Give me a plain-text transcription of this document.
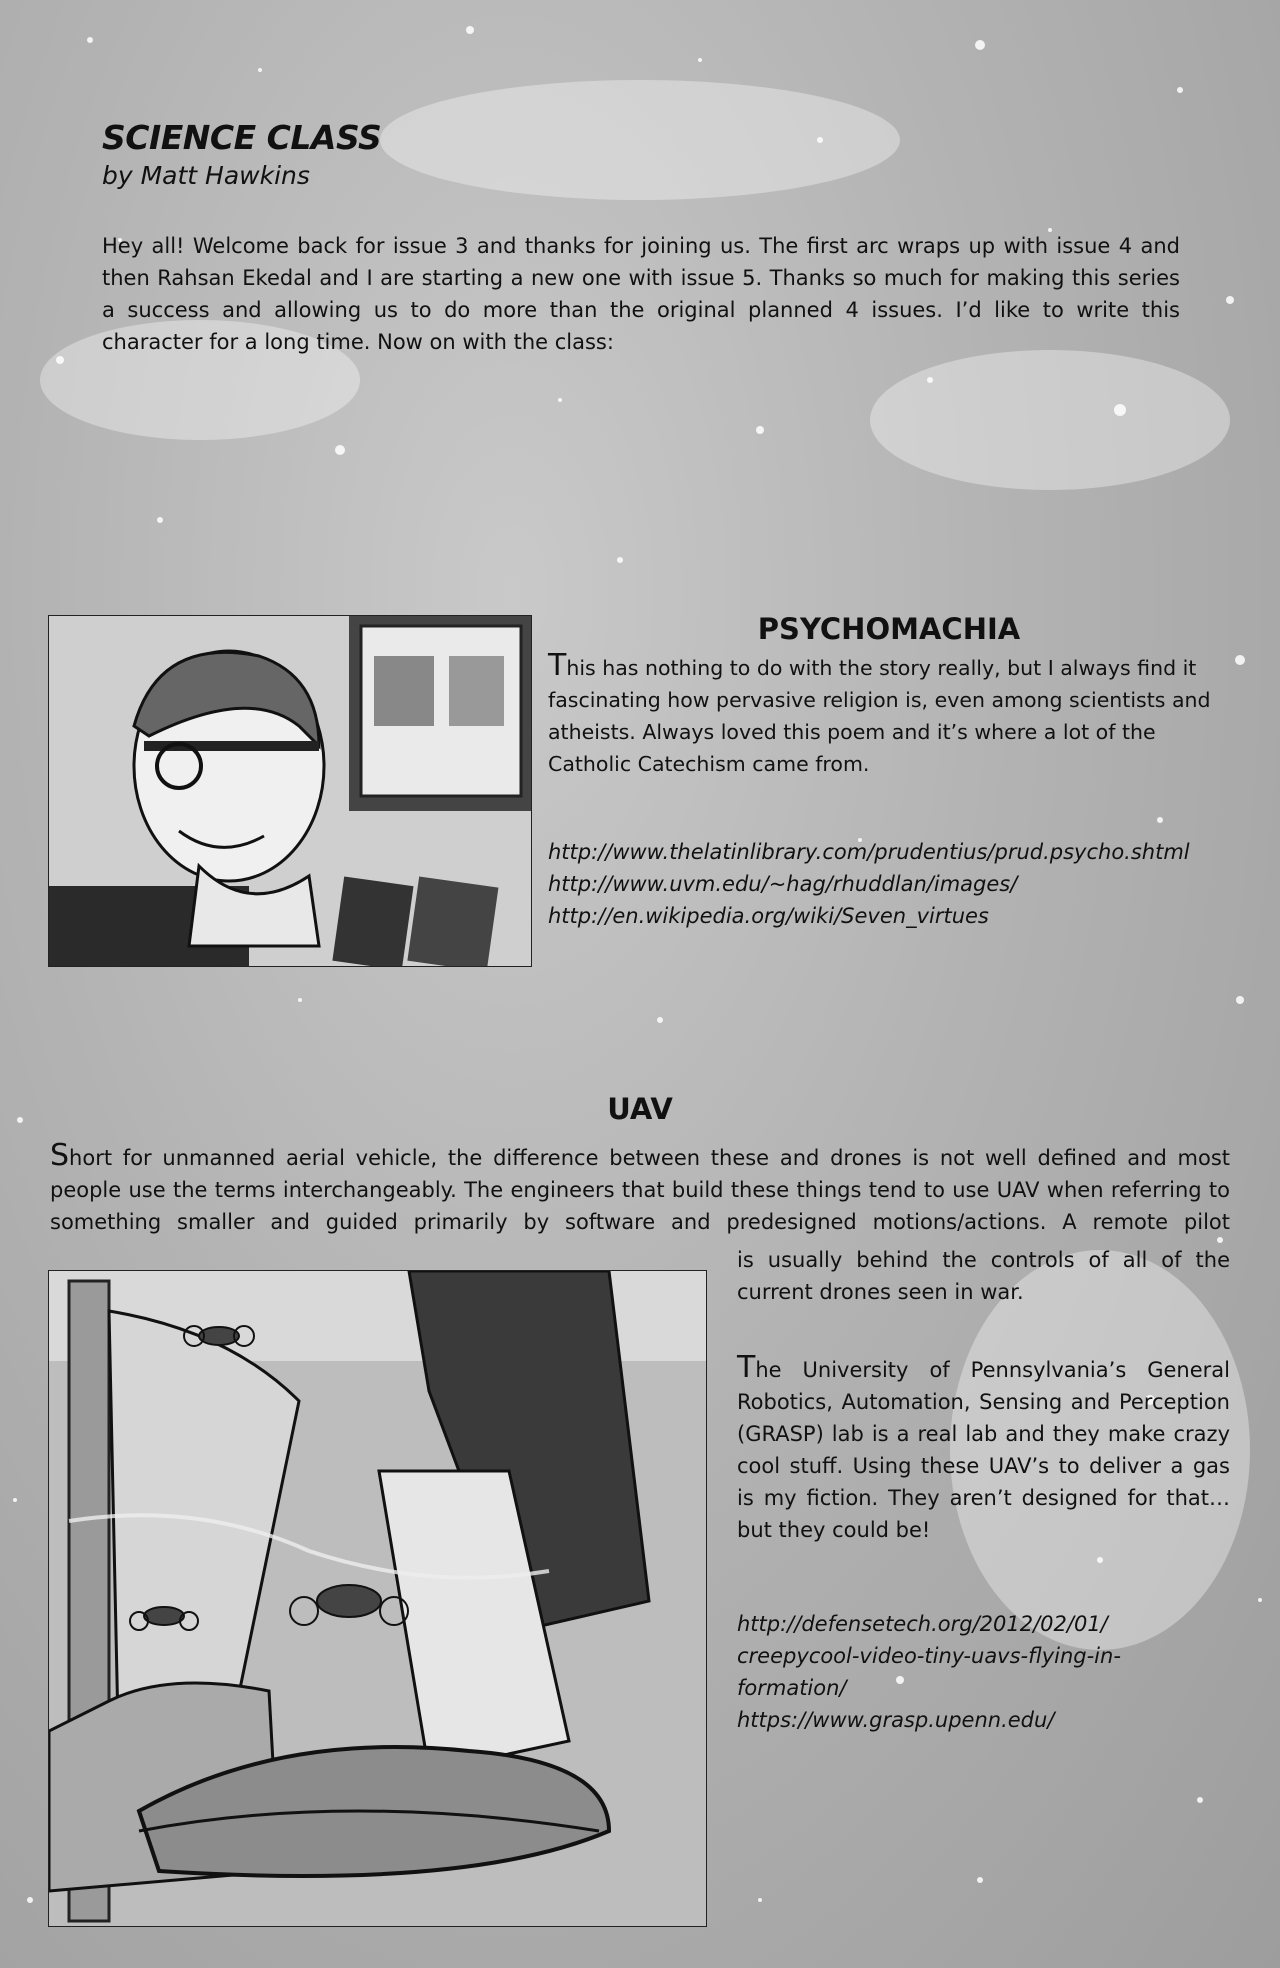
SCIENCE CLASS
by Matt Hawkins
Hey all! Welcome back for issue 3 and thanks for joining us. The first arc wraps up with issue 4 and then Rahsan Ekedal and I are starting a new one with issue 5. Thanks so much for making this series a success and allowing us to do more than the original planned 4 issues. I’d like to write this character for a long time. Now on with the class:
PSYCHOMACHIA
This has nothing to do with the story really, but I always find it fascinating how pervasive religion is, even among scientists and atheists. Always loved this poem and it’s where a lot of the Catholic Catechism came from.
http://www.thelatinlibrary.com/prudentius/prud.psycho.shtml
http://www.uvm.edu/~hag/rhuddlan/images/
http://en.wikipedia.org/wiki/Seven_virtues
UAV
Short for unmanned aerial vehicle, the difference between these and drones is not well defined and most people use the terms interchangeably. The engineers that build these things tend to use UAV when referring to something smaller and guided primarily by software and predesigned motions/actions. A remote pilot
is usually behind the controls of all of the current drones seen in war.
The University of Pennsylvania’s General Robotics, Automation, Sensing and Perception (GRASP) lab is a real lab and they make crazy cool stuff. Using these UAV’s to deliver a gas is my fiction. They aren’t designed for that… but they could be!
http://defensetech.org/2012/02/01/
creepycool-video-tiny-uavs-flying-in-
formation/
https://www.grasp.upenn.edu/
